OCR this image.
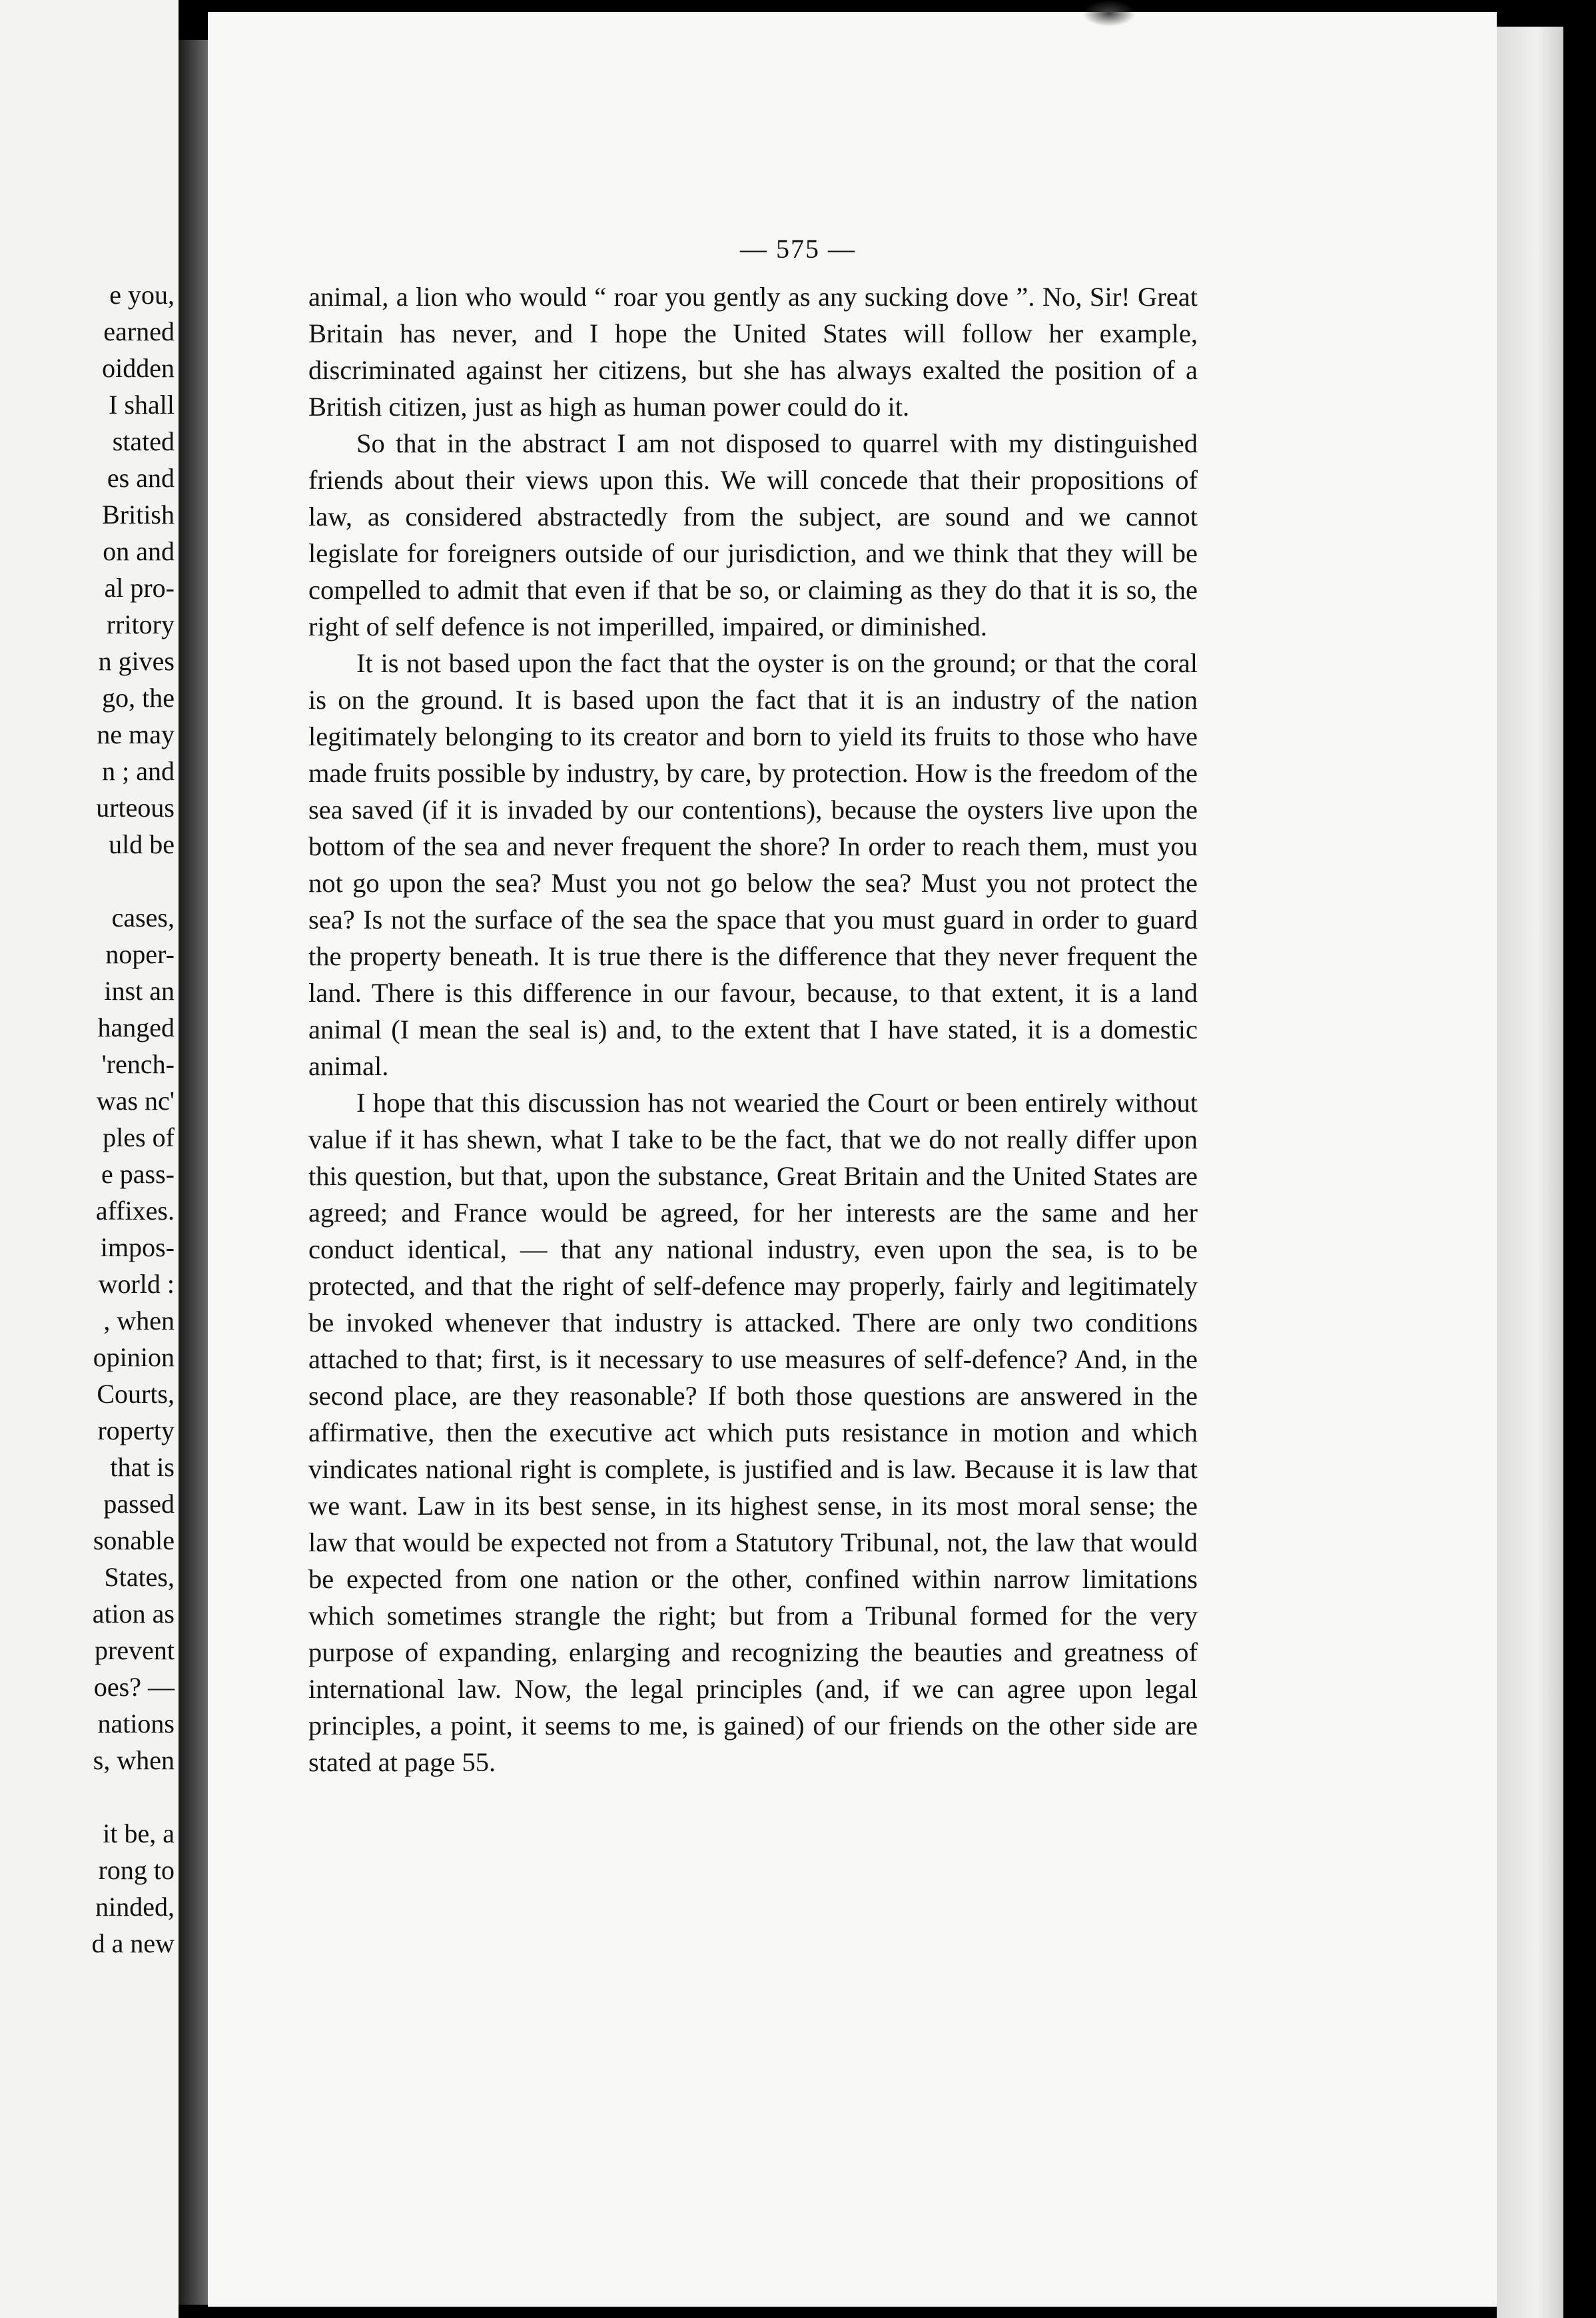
e you,
earned
oidden
I shall
stated
es and
British
on and
al pro-
rritory
n gives
go, the
ne may
n ; and
urteous
uld be
cases,
noper-
inst an
hanged
'rench-
was nc'
ples of
e pass-
affixes.
impos-
world :
, when
opinion
Courts,
roperty
that is
passed
sonable
States,
ation as
prevent
oes? —
nations
s, when
it be, a
rong to
ninded,
d a new
— 575 —

animal, a lion who would “ roar you gently as any sucking dove ”. No, Sir! Great Britain has never, and I hope the United States will follow her example, discriminated against her citizens, but she has always exalted the position of a British citizen, just as high as human power could do it.

So that in the abstract I am not disposed to quarrel with my distinguished friends about their views upon this. We will concede that their propositions of law, as considered abstractedly from the subject, are sound and we cannot legislate for foreigners outside of our jurisdiction, and we think that they will be compelled to admit that even if that be so, or claiming as they do that it is so, the right of self defence is not imperilled, impaired, or diminished.

It is not based upon the fact that the oyster is on the ground; or that the coral is on the ground. It is based upon the fact that it is an industry of the nation legitimately belonging to its creator and born to yield its fruits to those who have made fruits possible by industry, by care, by protection. How is the freedom of the sea saved (if it is invaded by our contentions), because the oysters live upon the bottom of the sea and never frequent the shore? In order to reach them, must you not go upon the sea? Must you not go below the sea? Must you not protect the sea? Is not the surface of the sea the space that you must guard in order to guard the property beneath. It is true there is the difference that they never frequent the land. There is this difference in our favour, because, to that extent, it is a land animal (I mean the seal is) and, to the extent that I have stated, it is a domestic animal.

I hope that this discussion has not wearied the Court or been entirely without value if it has shewn, what I take to be the fact, that we do not really differ upon this question, but that, upon the substance, Great Britain and the United States are agreed; and France would be agreed, for her interests are the same and her conduct identical, — that any national industry, even upon the sea, is to be protected, and that the right of self-defence may properly, fairly and legitimately be invoked whenever that industry is attacked. There are only two conditions attached to that; first, is it necessary to use measures of self-defence? And, in the second place, are they reasonable? If both those questions are answered in the affirmative, then the executive act which puts resistance in motion and which vindicates national right is complete, is justified and is law. Because it is law that we want. Law in its best sense, in its highest sense, in its most moral sense; the law that would be expected not from a Statutory Tribunal, not, the law that would be expected from one nation or the other, confined within narrow limitations which sometimes strangle the right; but from a Tribunal formed for the very purpose of expanding, enlarging and recognizing the beauties and greatness of international law. Now, the legal principles (and, if we can agree upon legal principles, a point, it seems to me, is gained) of our friends on the other side are stated at page 55.
